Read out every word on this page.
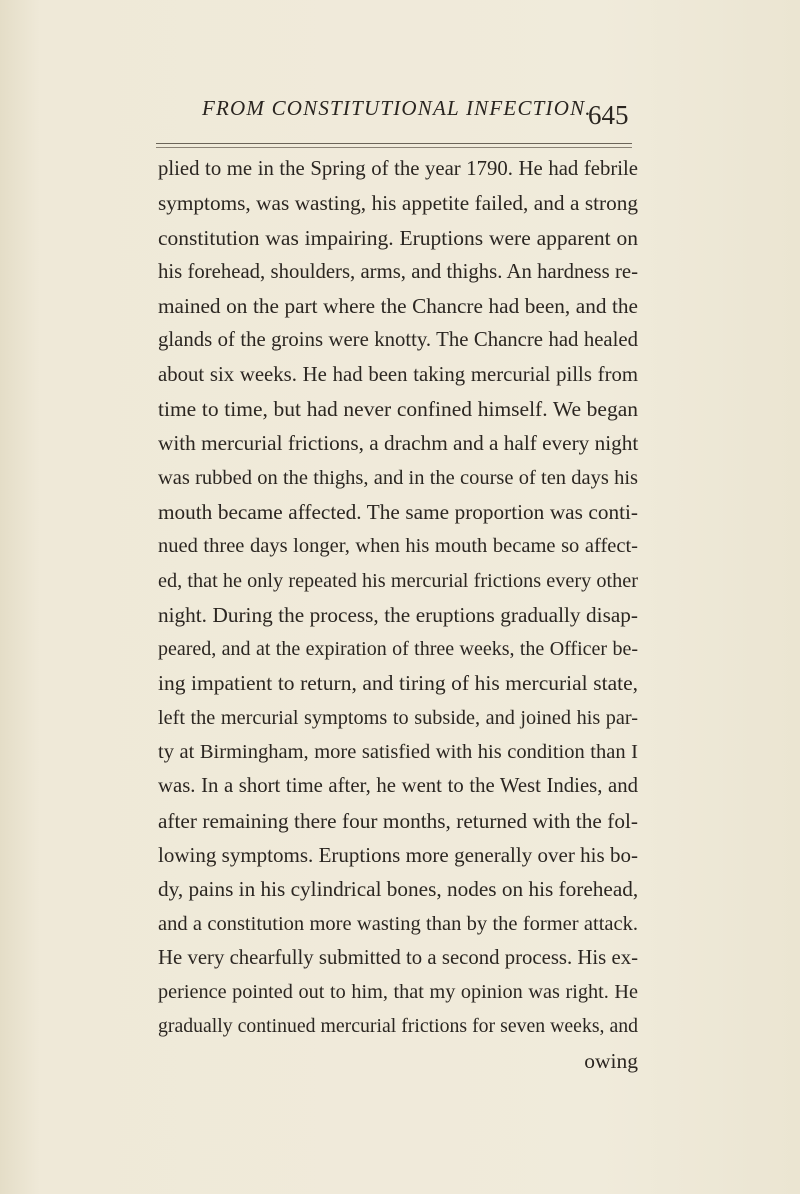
FROM CONSTITUTIONAL INFECTION.
645
plied to me in the Spring of the year 1790. He had febrile
symptoms, was wasting, his appetite failed, and a strong
constitution was impairing. Eruptions were apparent on
his forehead, shoulders, arms, and thighs. An hardness re-
mained on the part where the Chancre had been, and the
glands of the groins were knotty. The Chancre had healed
about six weeks. He had been taking mercurial pills from
time to time, but had never confined himself. We began
with mercurial frictions, a drachm and a half every night
was rubbed on the thighs, and in the course of ten days his
mouth became affected. The same proportion was conti-
nued three days longer, when his mouth became so affect-
ed, that he only repeated his mercurial frictions every other
night. During the process, the eruptions gradually disap-
peared, and at the expiration of three weeks, the Officer be-
ing impatient to return, and tiring of his mercurial state,
left the mercurial symptoms to subside, and joined his par-
ty at Birmingham, more satisfied with his condition than I
was. In a short time after, he went to the West Indies, and
after remaining there four months, returned with the fol-
lowing symptoms. Eruptions more generally over his bo-
dy, pains in his cylindrical bones, nodes on his forehead,
and a constitution more wasting than by the former attack.
He very chearfully submitted to a second process. His ex-
perience pointed out to him, that my opinion was right. He
gradually continued mercurial frictions for seven weeks, and
owing
